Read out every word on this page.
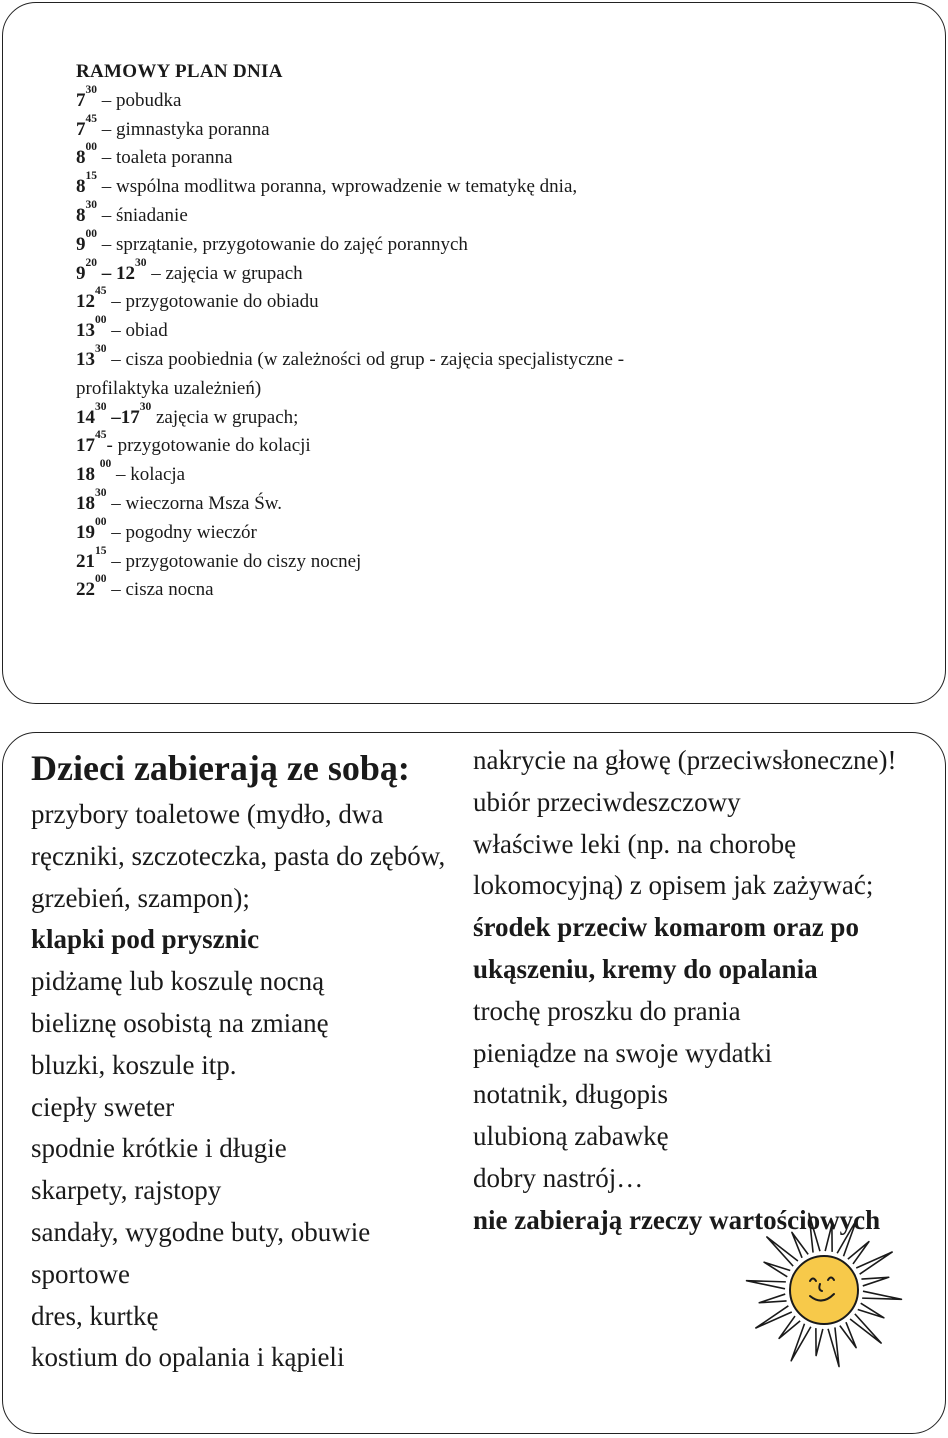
RAMOWY PLAN DNIA
$7^{30}$ – pobudka
$7^{45}$ – gimnastyka poranna
$8^{00}$ – toaleta poranna
$8^{15}$ – wspólna modlitwa poranna, wprowadzenie w tematykę dnia,
$8^{30}$ – śniadanie
$9^{00}$ – sprzątanie, przygotowanie do zajęć porannych
$9^{20} - 12^{30}$ – zajęcia w grupach
$12^{45}$ – przygotowanie do obiadu
$13^{00}$ – obiad
$13^{30}$ – cisza poobiednia (w zależności od grup - zajęcia specjalistyczne - profilaktyka uzależnień)
$14^{30}$ $-17^{30}$ zajęcia w grupach;
$17^{45}-$ przygotowanie do kolacji
18 $^{00}$ – kolacja
$18^{30}$ – wieczorna Msza Św.
$19^{00}$ – pogodny wieczór
$21^{15}$ – przygotowanie do ciszy nocnej
$22^{00}$ – cisza nocna
Dzieci zabierają ze sobą:
przybory toaletowe (mydło, dwa ręczniki, szczoteczka, pasta do zębów, grzebień, szampon);
klapki pod prysznic
pidżamę lub koszulę nocną
bieliznę osobistą na zmianę
bluzki, koszule itp.
ciepły sweter
spodnie krótkie i długie
skarpety, rajstopy
sandały, wygodne buty, obuwie sportowe
dres, kurtkę
kostium do opalania i kąpieli
nakrycie na głowę (przeciwsłoneczne)!
ubiór przeciwdeszczowy
właściwe leki (np. na chorobę lokomocyjną) z opisem jak zażywać;
środek przeciw komarom oraz po ukąszeniu, kremy do opalania
trochę proszku do prania
pieniądze na swoje wydatki
notatnik, długopis
ulubioną zabawkę
dobry nastrój…
nie zabierają rzeczy wartościowych
